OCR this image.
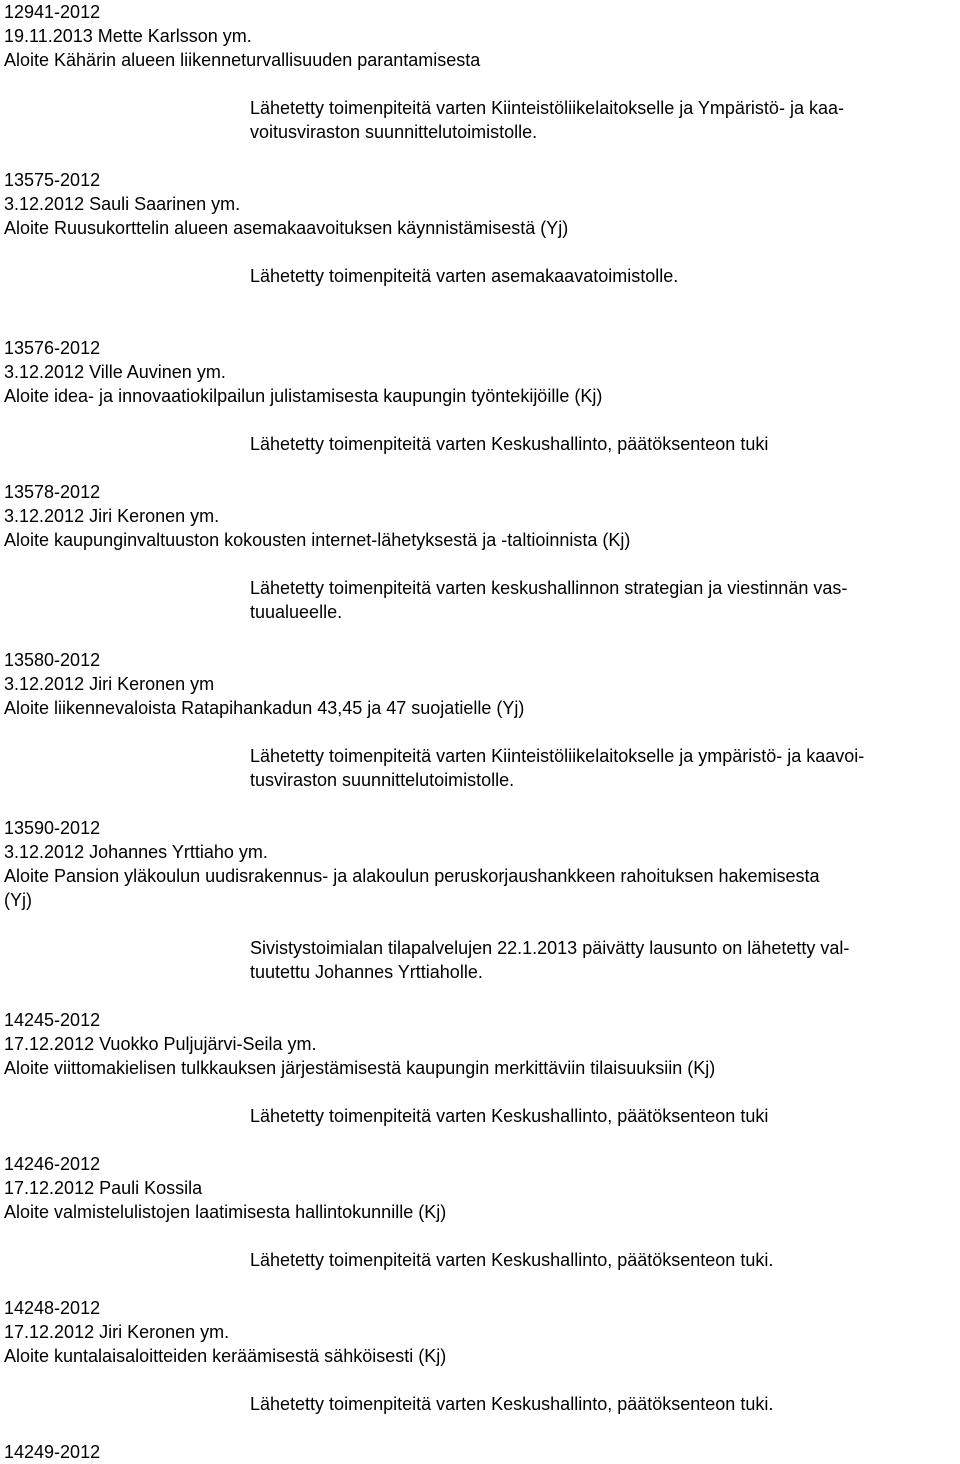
12941-2012
19.11.2013 Mette Karlsson ym.
Aloite Kähärin alueen liikenneturvallisuuden parantamisesta
Lähetetty toimenpiteitä varten Kiinteistöliikelaitokselle ja Ympäristö- ja kaa-
voitusviraston suunnittelutoimistolle.
13575-2012
3.12.2012 Sauli Saarinen ym.
Aloite Ruusukorttelin alueen asemakaavoituksen käynnistämisestä (Yj)
Lähetetty toimenpiteitä varten asemakaavatoimistolle.
13576-2012
3.12.2012 Ville Auvinen ym.
Aloite idea- ja innovaatiokilpailun julistamisesta kaupungin työntekijöille (Kj)
Lähetetty toimenpiteitä varten Keskushallinto, päätöksenteon tuki
13578-2012
3.12.2012 Jiri Keronen ym.
Aloite kaupunginvaltuuston kokousten internet-lähetyksestä ja -taltioinnista (Kj)
Lähetetty toimenpiteitä varten keskushallinnon strategian ja viestinnän vas-
tuualueelle.
13580-2012
3.12.2012 Jiri Keronen ym
Aloite liikennevaloista Ratapihankadun 43,45 ja 47 suojatielle (Yj)
Lähetetty toimenpiteitä varten Kiinteistöliikelaitokselle ja ympäristö- ja kaavoi-
tusviraston suunnittelutoimistolle.
13590-2012
3.12.2012 Johannes Yrttiaho ym.
Aloite Pansion yläkoulun uudisrakennus- ja alakoulun peruskorjaushankkeen rahoituksen hakemisesta
(Yj)
Sivistystoimialan tilapalvelujen 22.1.2013 päivätty lausunto on lähetetty val-
tuutettu Johannes Yrttiaholle.
14245-2012
17.12.2012 Vuokko Puljujärvi-Seila ym.
Aloite viittomakielisen tulkkauksen järjestämisestä kaupungin merkittäviin tilaisuuksiin (Kj)
Lähetetty toimenpiteitä varten Keskushallinto, päätöksenteon tuki
14246-2012
17.12.2012 Pauli Kossila
Aloite valmistelulistojen laatimisesta hallintokunnille (Kj)
Lähetetty toimenpiteitä varten Keskushallinto, päätöksenteon tuki.
14248-2012
17.12.2012 Jiri Keronen ym.
Aloite kuntalaisaloitteiden keräämisestä sähköisesti (Kj)
Lähetetty toimenpiteitä varten Keskushallinto, päätöksenteon tuki.
14249-2012
